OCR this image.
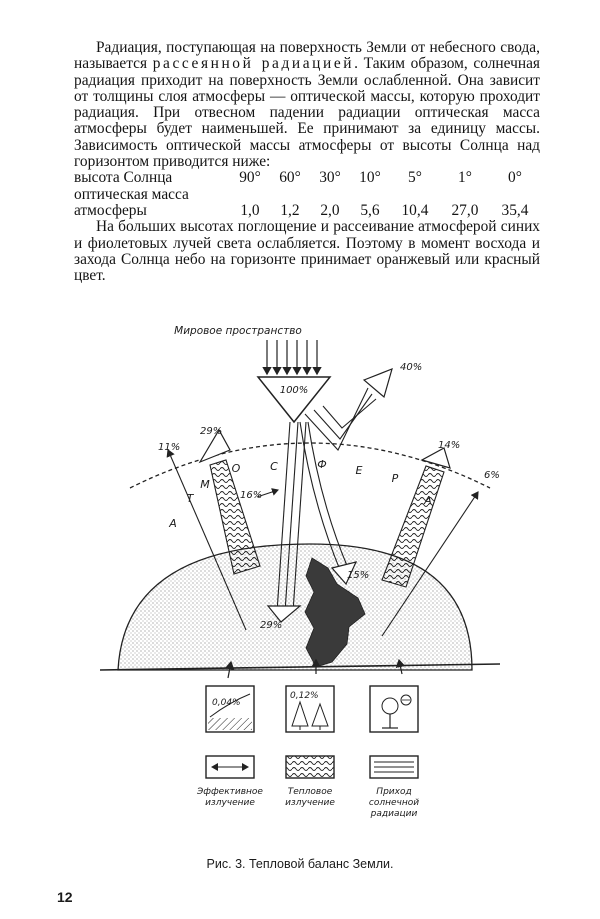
Радиация, поступающая на поверхность Земли от небесного свода, называется рассеянной радиацией. Таким образом, солнечная радиация приходит на поверхность Земли ослабленной. Она зависит от толщины слоя атмосферы — оптической массы, которую проходит радиация. При отвесном падении радиации оптическая масса атмосферы будет наименьшей. Ее принимают за единицу массы. Зависимость оптической массы атмосферы от высоты Солнца над горизонтом приводится ниже:

высота Солнца	90°	60°	30°	10°	5°	1°	0°
оптическая масса							
атмосферы	1,0	1,2	2,0	5,6	10,4	27,0	35,4

На больших высотах поглощение и рассеивание атмосферой синих и фиолетовых лучей света ослабляется. Поэтому в момент восхода и захода Солнца небо на горизонте принимает оранжевый или красный цвет.

Мировое пространство
А
Т
М
О	С	Ф	Е
Р
100%
40%
11%
29%
16%
29%
15%
14%
6%
0,04%
0,12%
Эффективное
излучение
Тепловое
излучение
Приход
солнечной
радиации
Рис. 3. Тепловой баланс Земли.
12
